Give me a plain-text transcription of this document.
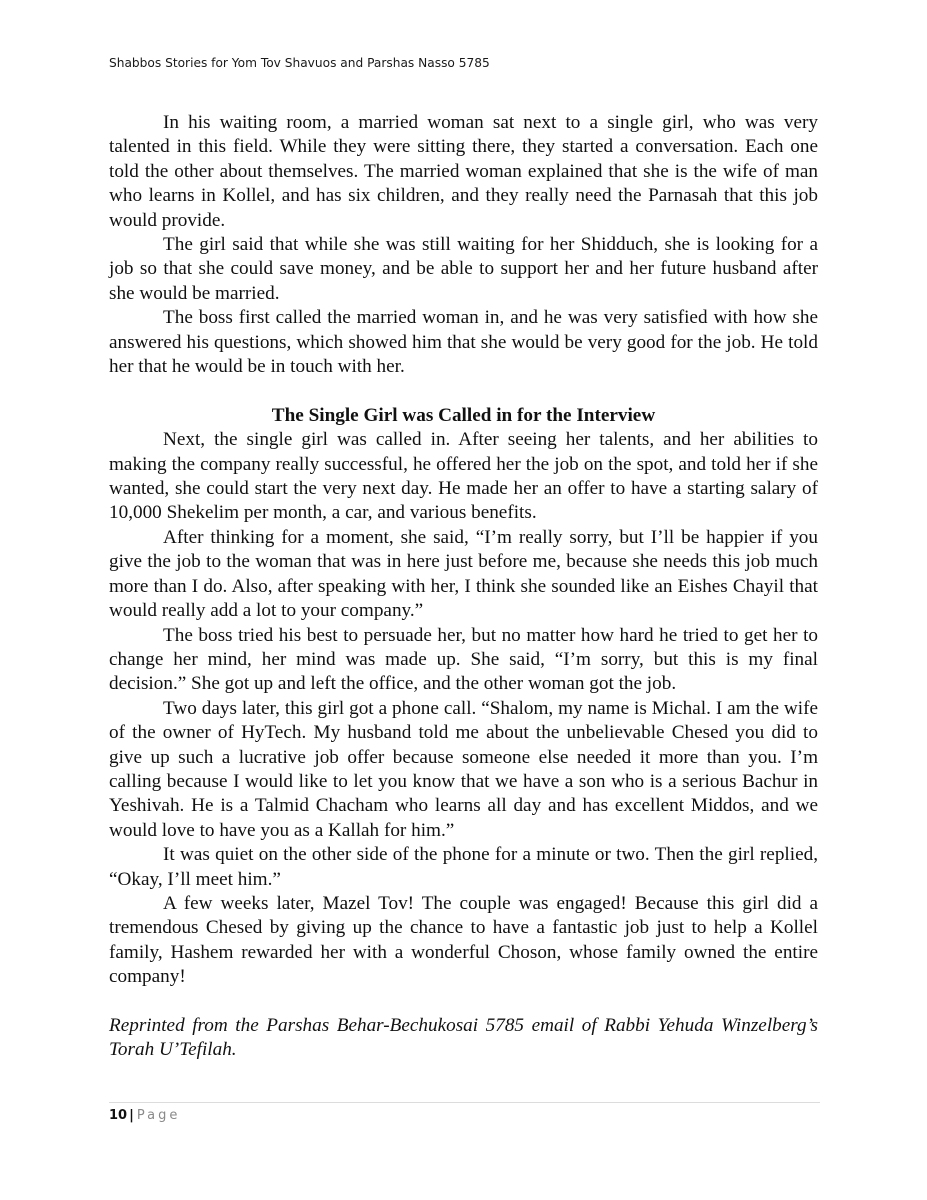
Shabbos Stories for Yom Tov Shavuos and Parshas Nasso 5785

In his waiting room, a married woman sat next to a single girl, who was very talented in this field. While they were sitting there, they started a conversation. Each one told the other about themselves. The married woman explained that she is the wife of man who learns in Kollel, and has six children, and they really need the Parnasah that this job would provide.

The girl said that while she was still waiting for her Shidduch, she is looking for a job so that she could save money, and be able to support her and her future husband after she would be married.

The boss first called the married woman in, and he was very satisfied with how she answered his questions, which showed him that she would be very good for the job. He told her that he would be in touch with her.

The Single Girl was Called in for the Interview

Next, the single girl was called in. After seeing her talents, and her abilities to making the company really successful, he offered her the job on the spot, and told her if she wanted, she could start the very next day. He made her an offer to have a starting salary of 10,000 Shekelim per month, a car, and various benefits.

After thinking for a moment, she said, “I’m really sorry, but I’ll be happier if you give the job to the woman that was in here just before me, because she needs this job much more than I do. Also, after speaking with her, I think she sounded like an Eishes Chayil that would really add a lot to your company.”

The boss tried his best to persuade her, but no matter how hard he tried to get her to change her mind, her mind was made up. She said, “I’m sorry, but this is my final decision.” She got up and left the office, and the other woman got the job.

Two days later, this girl got a phone call. “Shalom, my name is Michal. I am the wife of the owner of HyTech. My husband told me about the unbelievable Chesed you did to give up such a lucrative job offer because someone else needed it more than you. I’m calling because I would like to let you know that we have a son who is a serious Bachur in Yeshivah. He is a Talmid Chacham who learns all day and has excellent Middos, and we would love to have you as a Kallah for him.”

It was quiet on the other side of the phone for a minute or two. Then the girl replied, “Okay, I’ll meet him.”

A few weeks later, Mazel Tov! The couple was engaged! Because this girl did a tremendous Chesed by giving up the chance to have a fantastic job just to help a Kollel family, Hashem rewarded her with a wonderful Choson, whose family owned the entire company!

Reprinted from the Parshas Behar-Bechukosai 5785 email of Rabbi Yehuda Winzelberg’s Torah U’Tefilah.

10 | Page
